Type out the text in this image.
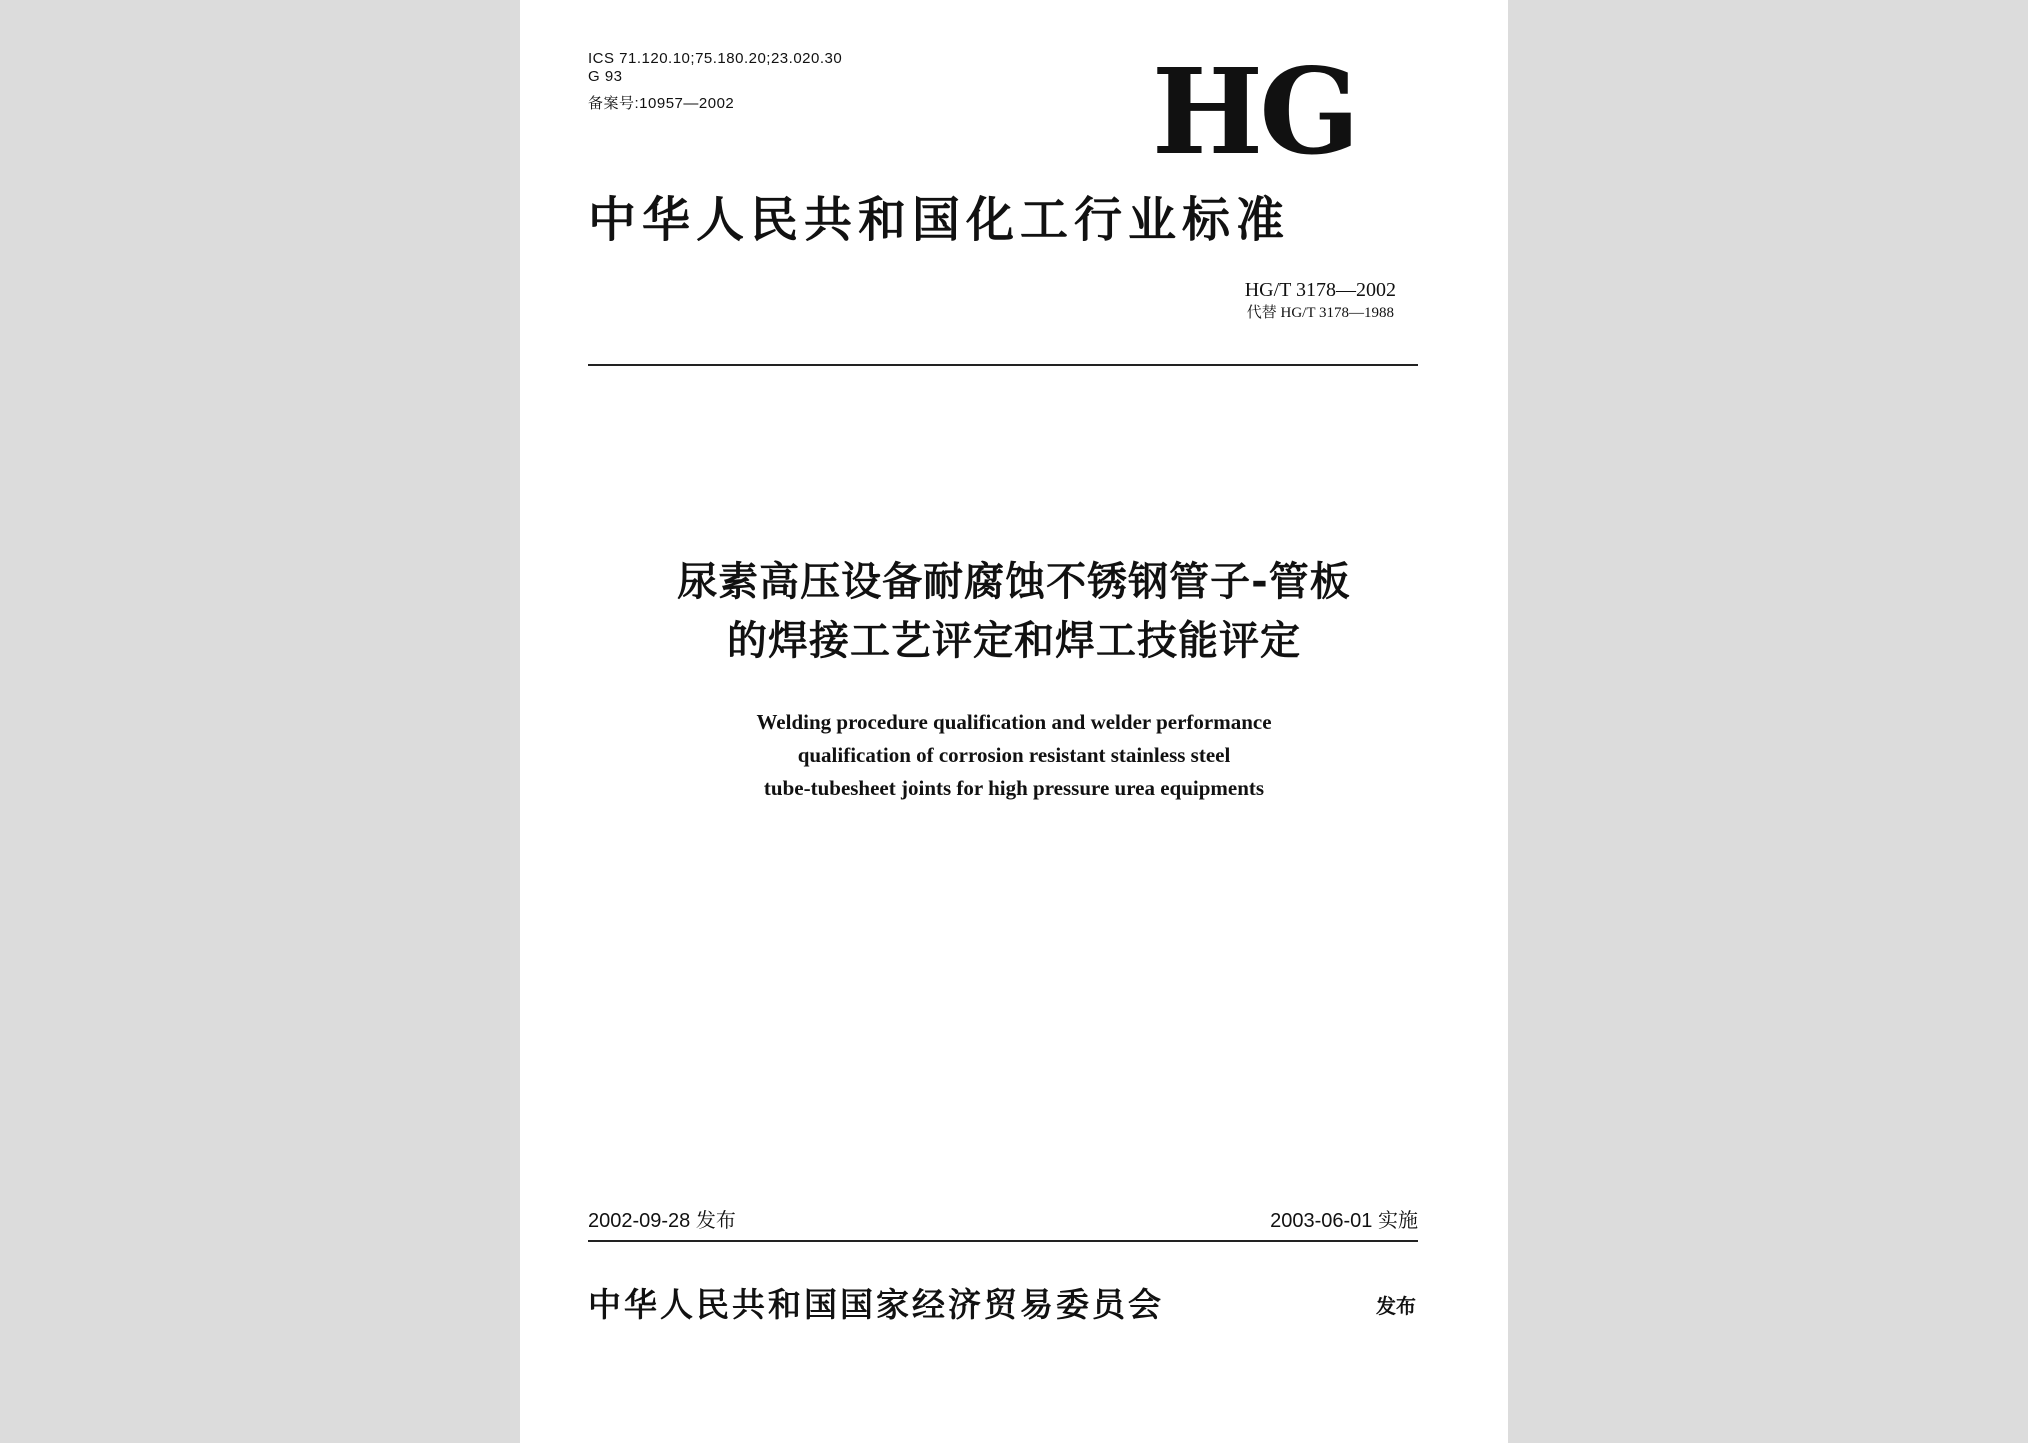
ICS 71.120.10;75.180.20;23.020.30
G 93
备案号:10957—2002	HG
中华人民共和国化工行业标准
HG/T 3178—2002
代替 HG/T 3178—1988
尿素高压设备耐腐蚀不锈钢管子-管板
的焊接工艺评定和焊工技能评定
Welding procedure qualification and welder performance
qualification of corrosion resistant stainless steel
tube-tubesheet joints for high pressure urea equipments
2002-09-28 发布	2003-06-01 实施
中华人民共和国国家经济贸易委员会	发布
